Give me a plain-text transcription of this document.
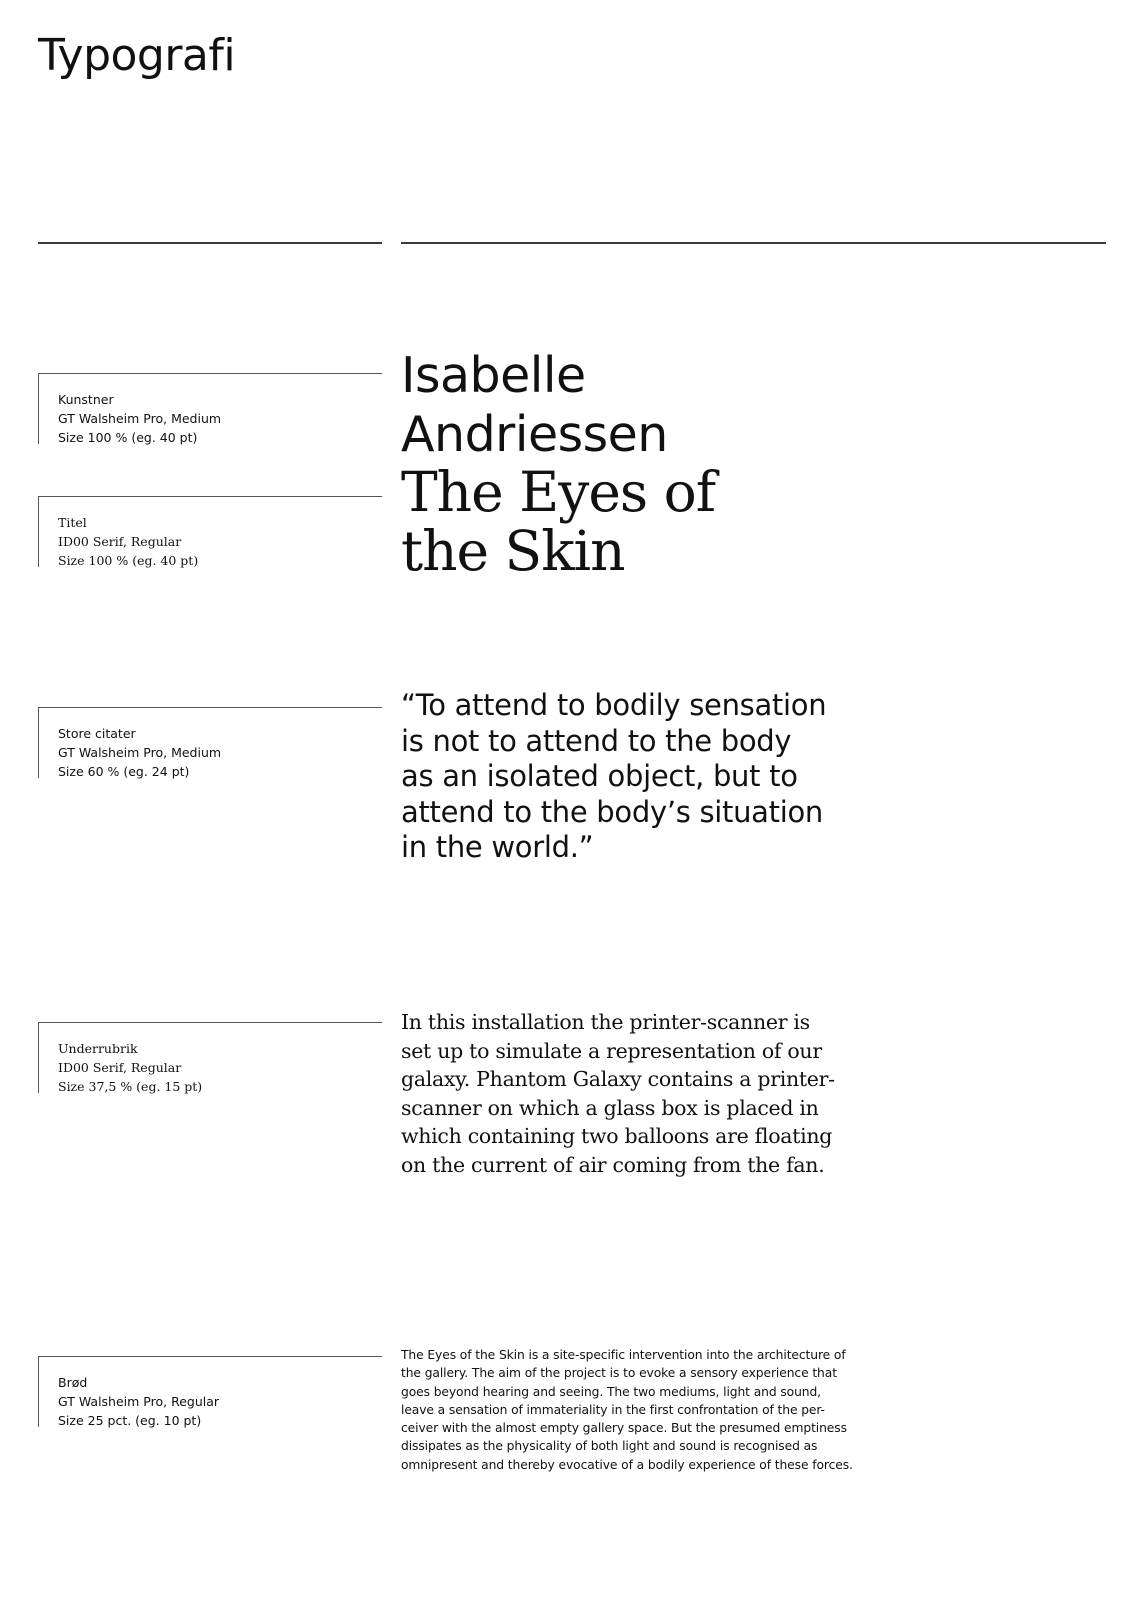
Typografi
Kunstner
GT Walsheim Pro, Medium
Size 100 % (eg. 40 pt)
Titel
ID00 Serif, Regular
Size 100 % (eg. 40 pt)
Store citater
GT Walsheim Pro, Medium
Size 60 % (eg. 24 pt)
Underrubrik
ID00 Serif, Regular
Size 37,5 % (eg. 15 pt)
Brød
GT Walsheim Pro, Regular
Size 25 pct. (eg. 10 pt)
Isabelle
Andriessen
The Eyes of
the Skin
“To attend to bodily sensation
is not to attend to the body
as an isolated object, but to
attend to the body’s situation
in the world.”

In this installation the printer-scanner is
set up to simulate a representation of our
galaxy. Phantom Galaxy contains a printer-
scanner on which a glass box is placed in
which containing two balloons are floating
on the current of air coming from the fan.

The Eyes of the Skin is a site-specific intervention into the architecture of
the gallery. The aim of the project is to evoke a sensory experience that
goes beyond hearing and seeing. The two mediums, light and sound,
leave a sensation of immateriality in the first confrontation of the per-
ceiver with the almost empty gallery space. But the presumed emptiness
dissipates as the physicality of both light and sound is recognised as
omnipresent and thereby evocative of a bodily experience of these forces.
